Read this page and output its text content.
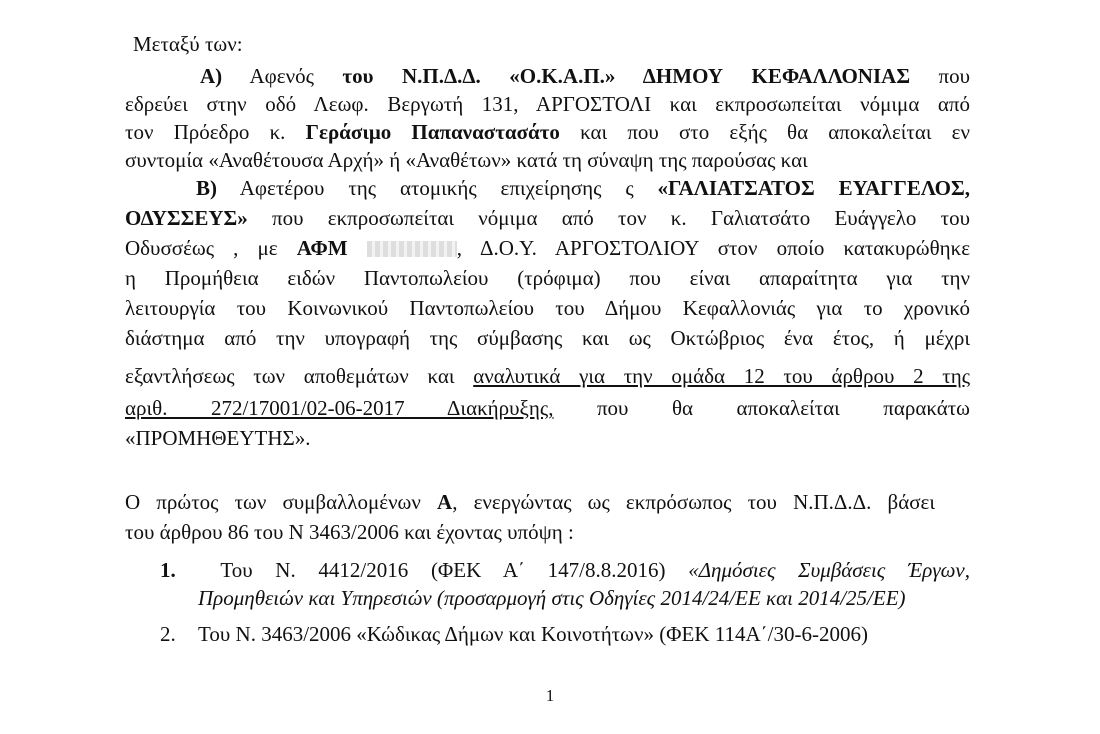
Μεταξύ των:
Α) Αφενός του Ν.Π.Δ.Δ. «Ο.Κ.Α.Π.» ΔΗΜΟΥ ΚΕΦΑΛΛΟΝΙΑΣ που
εδρεύει στην οδό Λεωφ. Βεργωτή 131, ΑΡΓΟΣΤΟΛΙ και εκπροσωπείται νόμιμα από
τον Πρόεδρο κ. Γεράσιμο Παπαναστασάτο και που στο εξής θα αποκαλείται εν
συντομία «Αναθέτουσα Αρχή» ή «Αναθέτων» κατά τη σύναψη της παρούσας και
Β) Αφετέρου της ατομικής επιχείρησης ς «ΓΑΛΙΑΤΣΑΤΟΣ ΕΥΑΓΓΕΛΟΣ,
ΟΔΥΣΣΕΥΣ» που εκπροσωπείται νόμιμα από τον κ. Γαλιατσάτο Ευάγγελο του
Οδυσσέως , με ΑΦΜ	, Δ.Ο.Υ. ΑΡΓΟΣΤΟΛΙΟΥ στον οποίο κατακυρώθηκε
η Προμήθεια ειδών Παντοπωλείου (τρόφιμα) που είναι απαραίτητα για την
λειτουργία του Κοινωνικού Παντοπωλείου του Δήμου Κεφαλλονιάς για το χρονικό
διάστημα από την υπογραφή της σύμβασης και ως Οκτώβριος ένα έτος, ή μέχρι
εξαντλήσεως των αποθεμάτων και αναλυτικά για την ομάδα 12 του άρθρου 2 της
αριθ. 272/17001/02-06-2017 Διακήρυξης, που θα αποκαλείται παρακάτω
«ΠΡΟΜΗΘΕΥΤΗΣ».
Ο πρώτος των συμβαλλομένων Α, ενεργώντας ως εκπρόσωπος του Ν.Π.Δ.Δ. βάσει
του άρθρου 86 του Ν 3463/2006 και έχοντας υπόψη :
1. Του Ν. 4412/2016 (ΦΕΚ Α΄ 147/8.8.2016) «Δημόσιες Συμβάσεις Έργων,
Προμηθειών και Υπηρεσιών (προσαρμογή στις Οδηγίες 2014/24/ΕΕ και 2014/25/ΕΕ)
2. Του Ν. 3463/2006 «Κώδικας Δήμων και Κοινοτήτων» (ΦΕΚ 114Α΄/30-6-2006)
1
